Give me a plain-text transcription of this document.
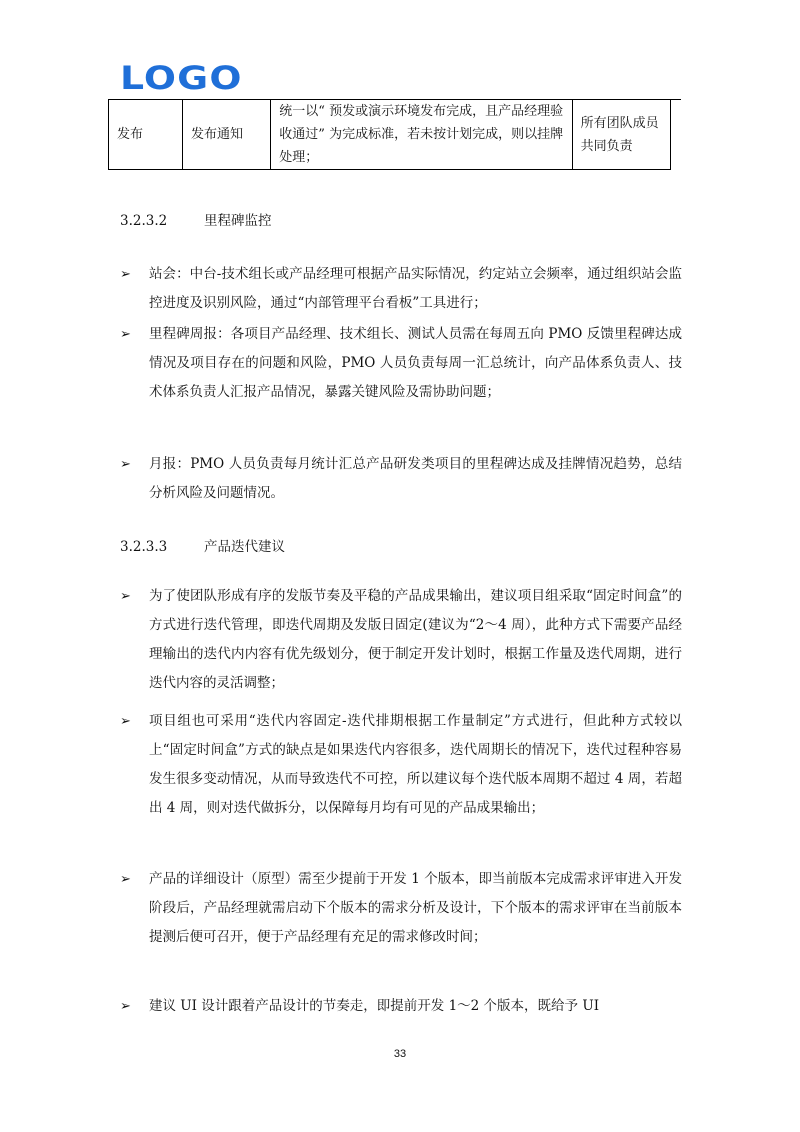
LOGO
发布	发布通知	统一以“ 预发或演示环境发布完成，且产品经理验收通过” 为完成标准，若未按计划完成，则以挂牌处理；	所有团队成员共同负责
3.2.3.2	里程碑监控
➢ 站会：中台-技术组长或产品经理可根据产品实际情况，约定站立会频率，通过组织站会监控进度及识别风险，通过“内部管理平台看板”工具进行；
➢ 里程碑周报：各项目产品经理、技术组长、测试人员需在每周五向 PMO 反馈里程碑达成情况及项目存在的问题和风险，PMO 人员负责每周一汇总统计，向产品体系负责人、技术体系负责人汇报产品情况，暴露关键风险及需协助问题；
➢ 月报：PMO 人员负责每月统计汇总产品研发类项目的里程碑达成及挂牌情况趋势，总结分析风险及问题情况。
3.2.3.3	产品迭代建议
➢ 为了使团队形成有序的发版节奏及平稳的产品成果输出，建议项目组采取“固定时间盒”的方式进行迭代管理，即迭代周期及发版日固定(建议为“2～4 周），此种方式下需要产品经理输出的迭代内内容有优先级划分，便于制定开发计划时，根据工作量及迭代周期，进行迭代内容的灵活调整；
➢ 项目组也可采用“迭代内容固定-迭代排期根据工作量制定”方式进行，但此种方式较以上“固定时间盒”方式的缺点是如果迭代内容很多，迭代周期长的情况下，迭代过程种容易发生很多变动情况，从而导致迭代不可控，所以建议每个迭代版本周期不超过 4 周，若超出 4 周，则对迭代做拆分，以保障每月均有可见的产品成果输出；
➢ 产品的详细设计（原型）需至少提前于开发 1 个版本，即当前版本完成需求评审进入开发阶段后，产品经理就需启动下个版本的需求分析及设计，下个版本的需求评审在当前版本提测后便可召开，便于产品经理有充足的需求修改时间；
➢ 建议 UI 设计跟着产品设计的节奏走，即提前开发 1～2 个版本，既给予 UI
33
